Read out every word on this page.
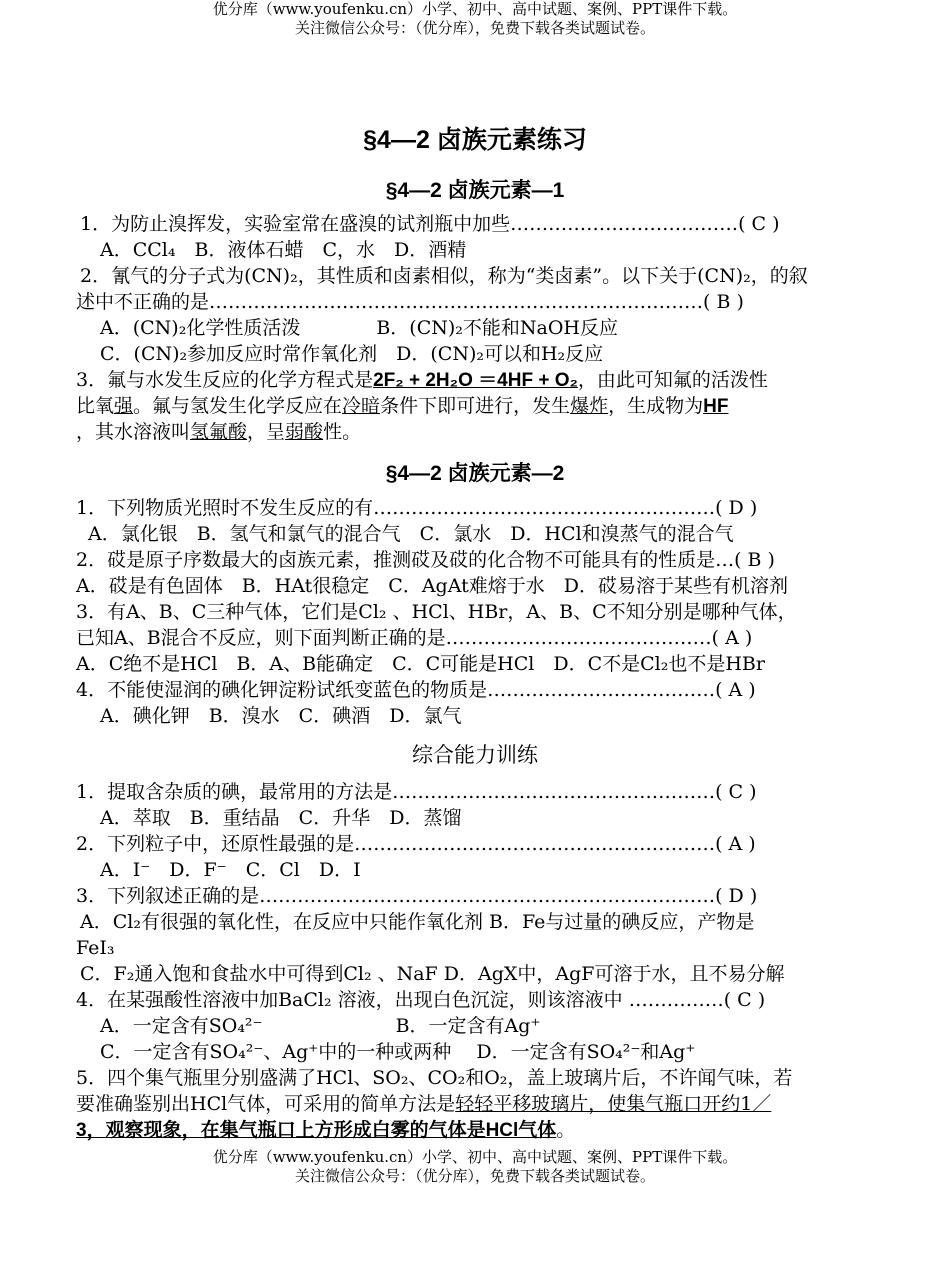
优分库（www.youfenku.cn）小学、初中、高中试题、案例、PPT课件下载。
关注微信公众号：（优分库），免费下载各类试题试卷。
§4—2 卤族元素练习
§4—2 卤族元素—1
1．为防止溴挥发，实验室常在盛溴的试剂瓶中加些………………………………( C )
A．CCl₄　B．液体石蜡　C，水　D．酒精
2．氰气的分子式为(CN)₂，其性质和卤素相似，称为“类卤素”。以下关于(CN)₂，的叙
述中不正确的是……………………………………………………………………( B )
A．(CN)₂化学性质活泼　　　　B．(CN)₂不能和NaOH反应
C．(CN)₂参加反应时常作氧化剂　D．(CN)₂可以和H₂反应
3．氟与水发生反应的化学方程式是2F₂ + 2H₂O ＝4HF + O₂，由此可知氟的活泼性
比氧强。氟与氢发生化学反应在冷暗条件下即可进行，发生爆炸，生成物为HF
，其水溶液叫氢氟酸，呈弱酸性。
§4—2 卤族元素—2
1．下列物质光照时不发生反应的有………………………………………………( D )
A．氯化银　B．氢气和氯气的混合气　C．氯水　D．HCl和溴蒸气的混合气
2．砹是原子序数最大的卤族元素，推测砹及砹的化合物不可能具有的性质是…( B )
A．砹是有色固体　B．HAt很稳定　C．AgAt难熔于水　D．砹易溶于某些有机溶剂
3．有A、B、C三种气体，它们是Cl₂ 、HCl、HBr，A、B、C不知分别是哪种气体，
已知A、B混合不反应，则下面判断正确的是……………………………………( A )
A．C绝不是HCl　B．A、B能确定　C．C可能是HCl　D．C不是Cl₂也不是HBr
4．不能使湿润的碘化钾淀粉试纸变蓝色的物质是………………………………( A )
A．碘化钾　B．溴水　C．碘酒　D．氯气
综合能力训练
1．提取含杂质的碘，最常用的方法是……………………………………………( C )
A．萃取　B．重结晶　C．升华　D．蒸馏
2．下列粒子中，还原性最强的是…………………………………………………( A )
A．I⁻　D．F⁻　C．Cl　D．I
3．下列叙述正确的是………………………………………………………………( D )
A．Cl₂有很强的氧化性，在反应中只能作氧化剂 B．Fe与过量的碘反应，产物是
FeI₃
C．F₂通入饱和食盐水中可得到Cl₂ 、NaF D．AgX中，AgF可溶于水，且不易分解
4．在某强酸性溶液中加BaCl₂ 溶液，出现白色沉淀，则该溶液中 ……………( C )
A．一定含有SO₄²⁻　　　　　　　B．一定含有Ag⁺
C．一定含有SO₄²⁻、Ag⁺中的一种或两种　 D．一定含有SO₄²⁻和Ag⁺
5．四个集气瓶里分别盛满了HCl、SO₂、CO₂和O₂，盖上玻璃片后，不许闻气味，若
要准确鉴别出HCl气体，可采用的简单方法是轻轻平移玻璃片，使集气瓶口开约1／
3，观察现象，在集气瓶口上方形成白雾的气体是HCl气体。
优分库（www.youfenku.cn）小学、初中、高中试题、案例、PPT课件下载。
关注微信公众号：（优分库），免费下载各类试题试卷。
